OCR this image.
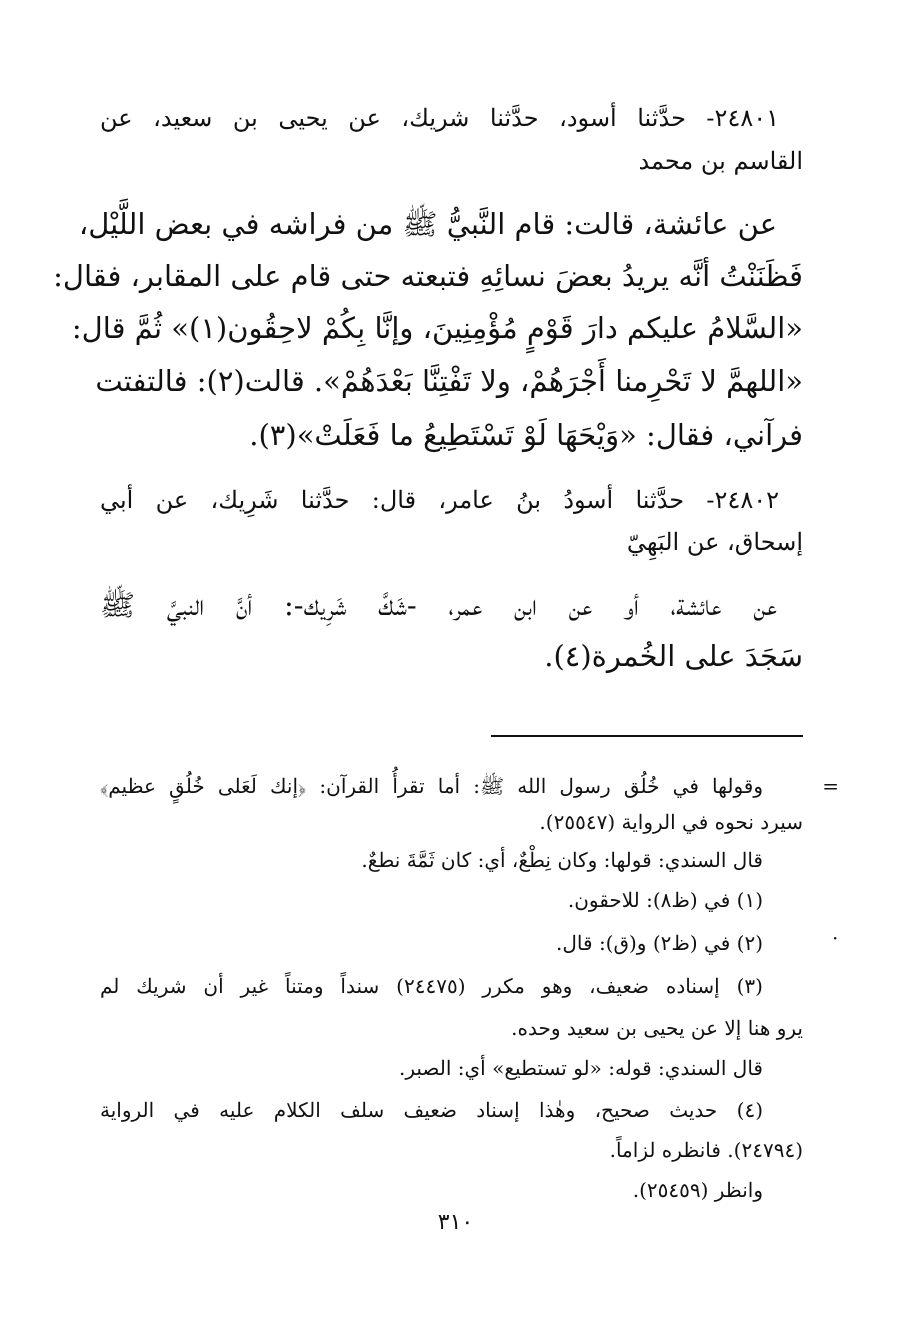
٢٤٨٠١- حدَّثنا أسود، حدَّثنا شريك، عن يحيى بن سعيد، عن
القاسم بن محمد
عن عائشة، قالت: قام النَّبيُّ ﷺ من فراشه في بعض اللَّيْل،
فَظَنَنْتُ أنَّه يريدُ بعضَ نسائِهِ فتبعته حتى قام على المقابر، فقال:
«السَّلامُ عليكم دارَ قَوْمٍ مُؤْمِنِينَ، وإنَّا بِكُمْ لاحِقُون(١)» ثُمَّ قال:
«اللهمَّ لا تَحْرِمنا أَجْرَهُمْ، ولا تَفْتِنَّا بَعْدَهُمْ». قالت(٢): فالتفتت
فرآني، فقال: «وَيْحَهَا لَوْ تَسْتَطِيعُ ما فَعَلَتْ»(٣).
٢٤٨٠٢- حدَّثنا أسودُ بنُ عامر، قال: حدَّثنا شَرِيك، عن أبي
إسحاق، عن البَهِيّ
عن عائشة، أو عن ابن عمر، -شَكَّ شَرِيك-: أنَّ النبيَّ ﷺ
سَجَدَ على الخُمرة(٤).
=
وقولها في خُلُق رسول الله ﷺ: أما تقرأُ القرآن: ﴿إنك لَعَلى خُلُقٍ عظيم﴾
سيرد نحوه في الرواية (٢٥٥٤٧).
قال السندي: قولها: وكان نِطْعٌ، أي: كان ثَمَّةَ نطعٌ.
(١) في (ظ٨): للاحقون.
(٢) في (ظ٢) و(ق): قال.	·
(٣) إسناده ضعيف، وهو مكرر (٢٤٤٧٥) سنداً ومتناً غير أن شريك لم
يرو هنا إلا عن يحيى بن سعيد وحده.
قال السندي: قوله: «لو تستطيع» أي: الصبر.
(٤) حديث صحيح، وهٰذا إسناد ضعيف سلف الكلام عليه في الرواية
(٢٤٧٩٤). فانظره لزاماً.
وانظر (٢٥٤٥٩).
٣١٠
